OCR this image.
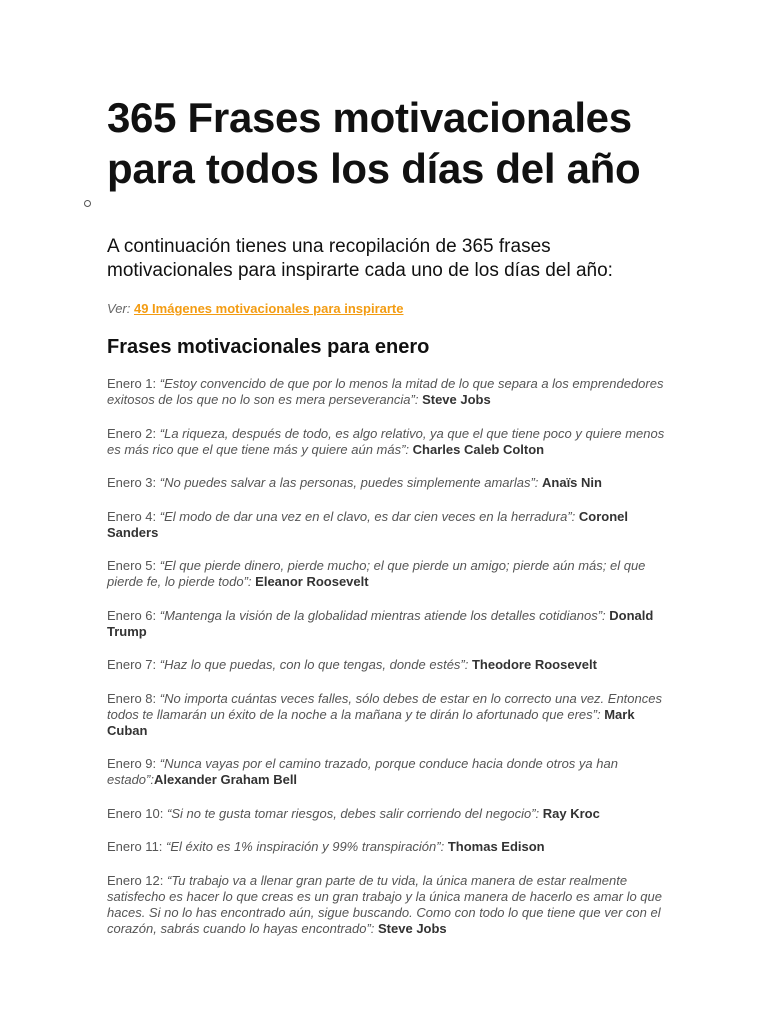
365 Frases motivacionales para todos los días del año

A continuación tienes una recopilación de 365 frases motivacionales para inspirarte cada uno de los días del año:

Ver: 49 Imágenes motivacionales para inspirarte

Frases motivacionales para enero
Enero 1: “Estoy convencido de que por lo menos la mitad de lo que separa a los emprendedores exitosos de los que no lo son es mera perseverancia”: Steve Jobs
Enero 2: “La riqueza, después de todo, es algo relativo, ya que el que tiene poco y quiere menos es más rico que el que tiene más y quiere aún más”: Charles Caleb Colton
Enero 3: “No puedes salvar a las personas, puedes simplemente amarlas”: Anaïs Nin
Enero 4: “El modo de dar una vez en el clavo, es dar cien veces en la herradura”: Coronel Sanders
Enero 5: “El que pierde dinero, pierde mucho; el que pierde un amigo; pierde aún más; el que pierde fe, lo pierde todo”: Eleanor Roosevelt
Enero 6: “Mantenga la visión de la globalidad mientras atiende los detalles cotidianos”: Donald Trump
Enero 7: “Haz lo que puedas, con lo que tengas, donde estés”: Theodore Roosevelt
Enero 8: “No importa cuántas veces falles, sólo debes de estar en lo correcto una vez. Entonces todos te llamarán un éxito de la noche a la mañana y te dirán lo afortunado que eres”: Mark Cuban
Enero 9: “Nunca vayas por el camino trazado, porque conduce hacia donde otros ya han estado”:Alexander Graham Bell
Enero 10: “Si no te gusta tomar riesgos, debes salir corriendo del negocio”: Ray Kroc
Enero 11: “El éxito es 1% inspiración y 99% transpiración”: Thomas Edison
Enero 12: “Tu trabajo va a llenar gran parte de tu vida, la única manera de estar realmente satisfecho es hacer lo que creas es un gran trabajo y la única manera de hacerlo es amar lo que haces. Si no lo has encontrado aún, sigue buscando. Como con todo lo que tiene que ver con el corazón, sabrás cuando lo hayas encontrado”: Steve Jobs
